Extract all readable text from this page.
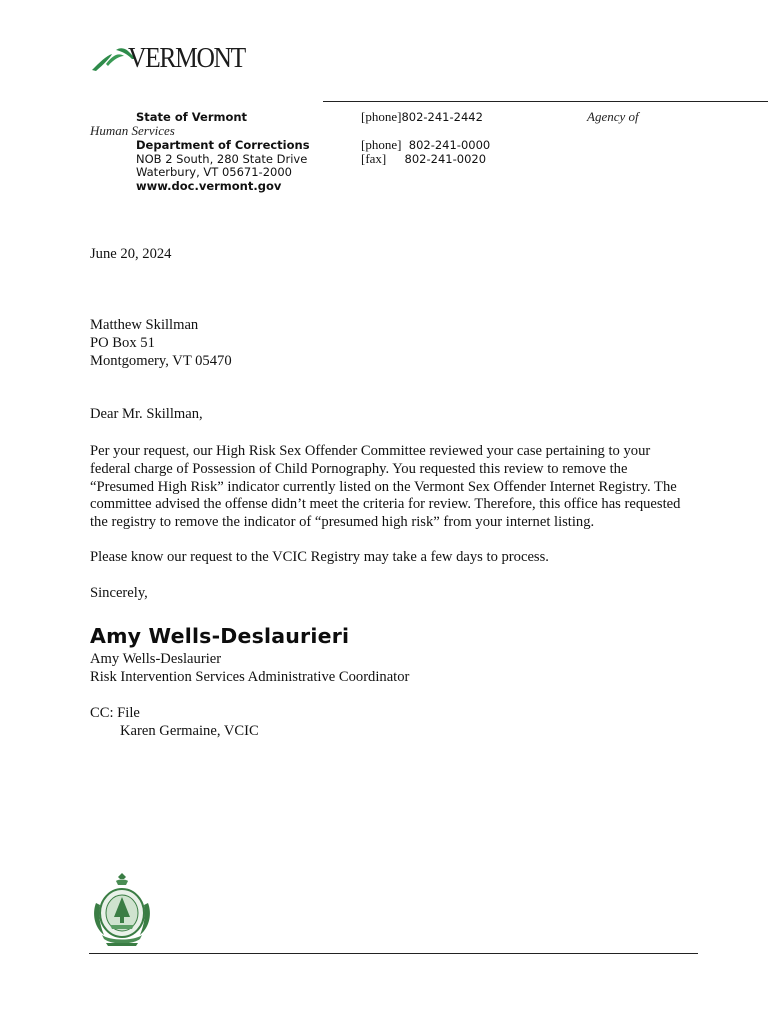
VERMONT
State of Vermont
Human Services
Department of Corrections
NOB 2 South, 280 State Drive
Waterbury, VT 05671-2000
www.doc.vermont.gov
[phone]802-241-2442
[phone] 802-241-0000
[fax] 802-241-0020
Agency of
June 20, 2024
Matthew Skillman
PO Box 51
Montgomery, VT 05470
Dear Mr. Skillman,
Per your request, our High Risk Sex Offender Committee reviewed your case pertaining to your federal charge of Possession of Child Pornography. You requested this review to remove the “Presumed High Risk” indicator currently listed on the Vermont Sex Offender Internet Registry. The committee advised the offense didn’t meet the criteria for review. Therefore, this office has requested the registry to remove the indicator of “presumed high risk” from your internet listing.
Please know our request to the VCIC Registry may take a few days to process.
Sincerely,
Amy Wells-Deslaurieri
Amy Wells-Deslaurier
Risk Intervention Services Administrative Coordinator
CC: File
Karen Germaine, VCIC
